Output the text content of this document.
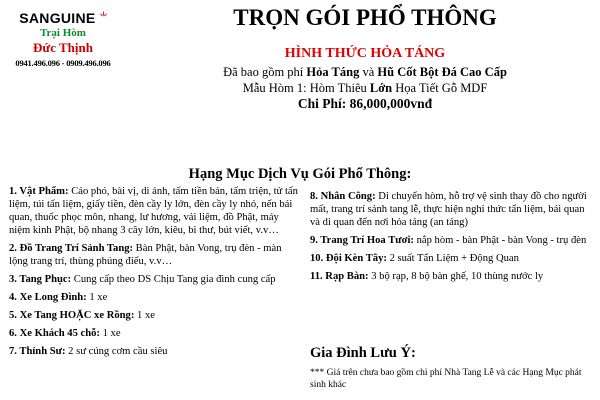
SANGUINE
Trại Hòm
Đức Thịnh
0941.496.096 - 0909.496.096
TRỌN GÓI PHỔ THÔNG
HÌNH THỨC HỎA TÁNG
Đã bao gồm phí Hỏa Táng và Hũ Cốt Bột Đá Cao Cấp
Mẫu Hòm 1: Hòm Thiêu Lớn Họa Tiết Gỗ MDF
Chi Phí: 86,000,000vnđ
Hạng Mục Dịch Vụ Gói Phổ Thông:
1. Vật Phẩm: Cáo phó, bài vị, di ảnh, tấm tiền bản, tấm triện, tử tấn liệm, túi tấn liệm, giấy tiền, đèn cầy ly lớn, đèn cầy ly nhỏ, nến bái quan, thuốc phọc môn, nhang, lư hương, vải liệm, đồ Phật, máy niệm kinh Phật, bộ nhang 3 cây lớn, kiêu, bi thư, bút viết, v.v…
2. Đồ Trang Trí Sảnh Tang: Bàn Phật, bàn Vong, trụ đèn - màn lộng trang trí, thùng phúng điếu, v.v…
3. Tang Phục: Cung cấp theo DS Chịu Tang gia đình cung cấp
4. Xe Long Đình: 1 xe
5. Xe Tang HOẶC xe Rồng: 1 xe
6. Xe Khách 45 chỗ: 1 xe
7. Thỉnh Sư: 2 sư cúng cơm cầu siêu
8. Nhân Công: Di chuyển hòm, hỗ trợ vệ sinh thay đồ cho người mất, trang trí sảnh tang lễ, thực hiện nghi thức tẩn liệm, bái quan và di quan đến nơi hỏa táng (an táng)
9. Trang Trí Hoa Tươi: nắp hòm - bàn Phật - bàn Vong - trụ đèn
10. Đội Kèn Tây: 2 suất Tẩn Liệm + Động Quan
11. Rạp Bàn: 3 bộ rạp, 8 bộ bàn ghế, 10 thùng nước ly
Gia Đình Lưu Ý:
*** Giá trên chưa bao gồm chi phí Nhà Tang Lễ và các Hạng Mục phát sinh khác
